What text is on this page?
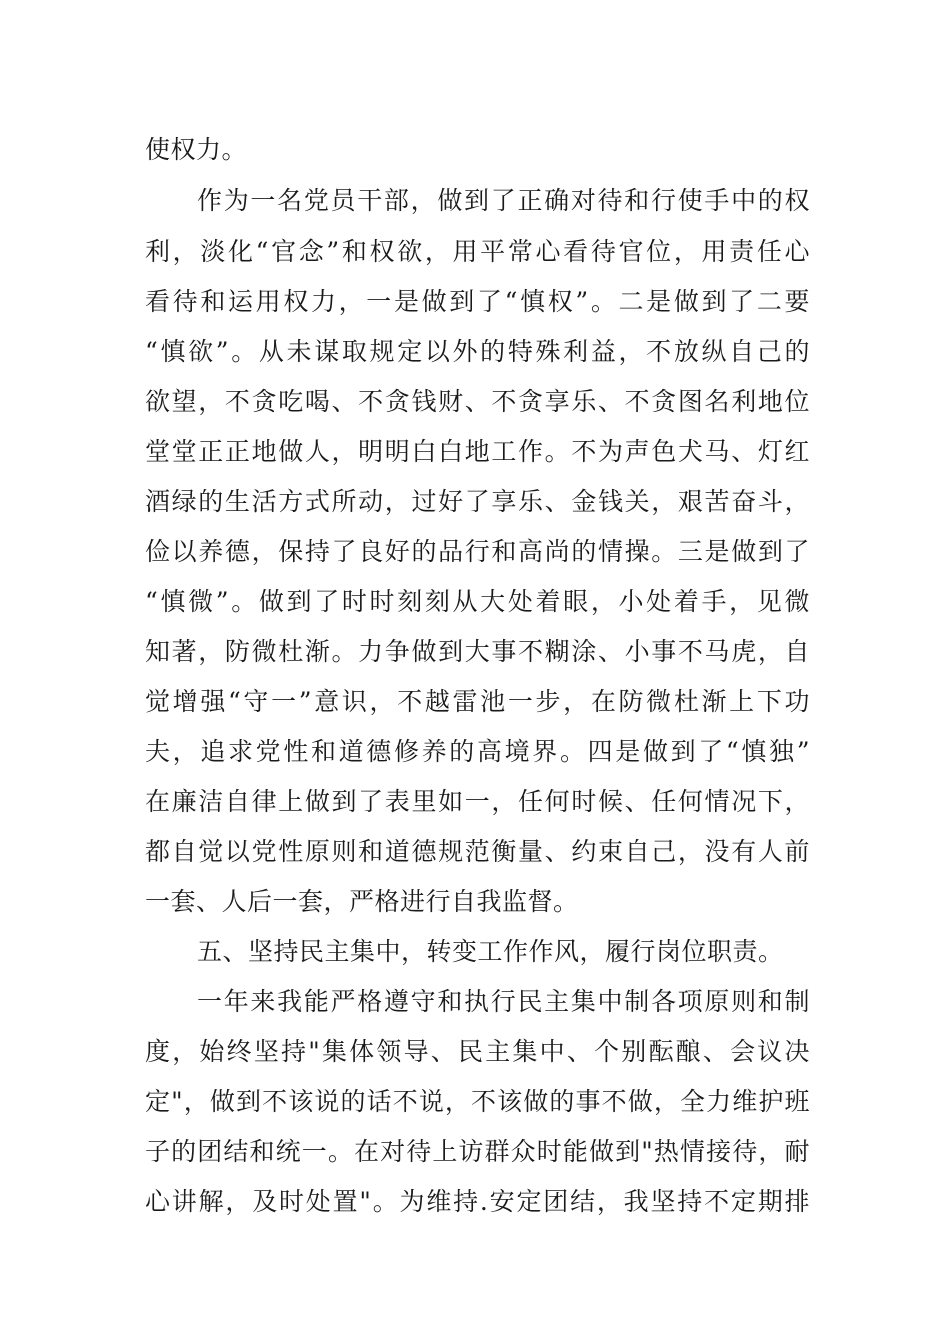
使权力。
作为一名党员干部，做到了正确对待和行使手中的权
利，淡化“官念”和权欲，用平常心看待官位，用责任心
看待和运用权力，一是做到了“慎权”。二是做到了二要
“慎欲”。从未谋取规定以外的特殊利益，不放纵自己的
欲望，不贪吃喝、不贪钱财、不贪享乐、不贪图名利地位
堂堂正正地做人，明明白白地工作。不为声色犬马、灯红
酒绿的生活方式所动，过好了享乐、金钱关，艰苦奋斗，
俭以养德，保持了良好的品行和高尚的情操。三是做到了
“慎微”。做到了时时刻刻从大处着眼，小处着手，见微
知著，防微杜渐。力争做到大事不糊涂、小事不马虎，自
觉增强“守一”意识，不越雷池一步，在防微杜渐上下功
夫，追求党性和道德修养的高境界。四是做到了“慎独”
在廉洁自律上做到了表里如一，任何时候、任何情况下，
都自觉以党性原则和道德规范衡量、约束自己，没有人前
一套、人后一套，严格进行自我监督。
五、坚持民主集中，转变工作作风，履行岗位职责。
一年来我能严格遵守和执行民主集中制各项原则和制
度，始终坚持"集体领导、民主集中、个别酝酿、会议决
定"，做到不该说的话不说，不该做的事不做，全力维护班
子的团结和统一。在对待上访群众时能做到"热情接待，耐
心讲解，及时处置"。为维持.安定团结，我坚持不定期排
